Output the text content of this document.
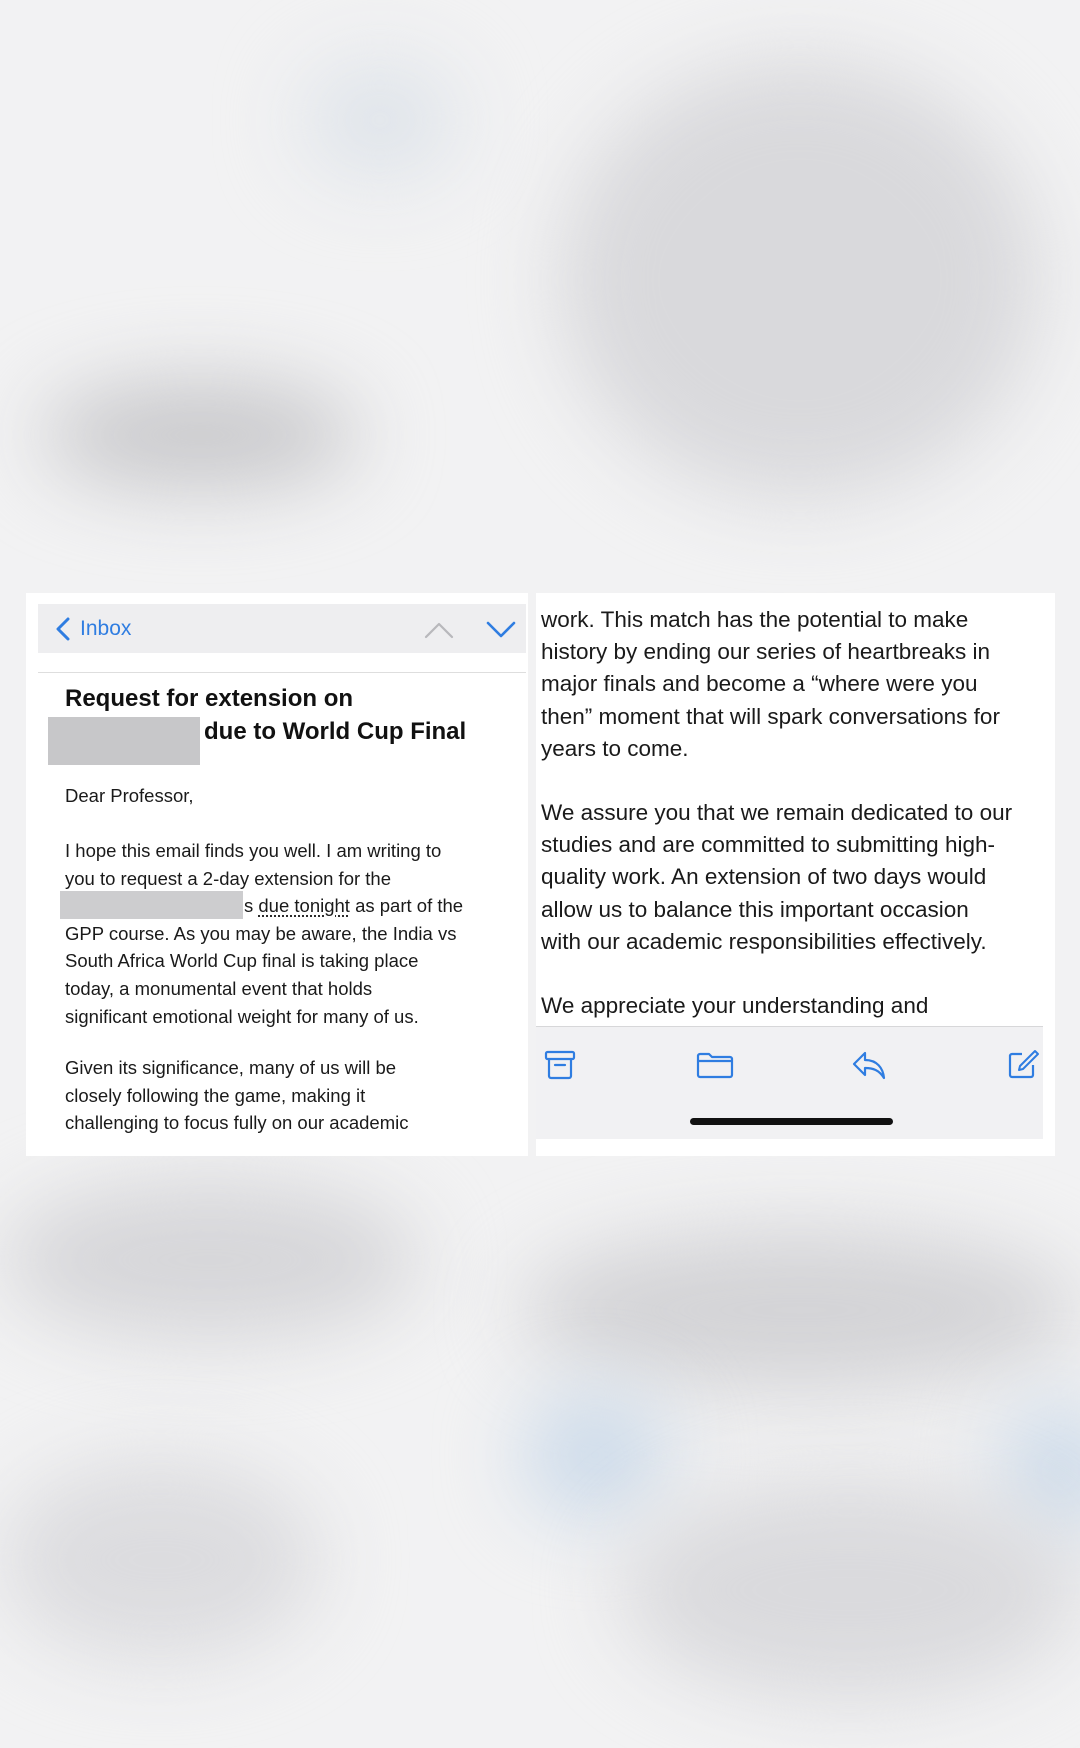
Inbox
Request for extension on
due to World Cup Final
Dear Professor,
I hope this email finds you well. I am writing to
you to request a 2-day extension for the
s due tonight as part of the
GPP course. As you may be aware, the India vs
South Africa World Cup final is taking place
today, a monumental event that holds
significant emotional weight for many of us.
Given its significance, many of us will be
closely following the game, making it
challenging to focus fully on our academic
work. This match has the potential to make
history by ending our series of heartbreaks in
major finals and become a “where were you
then” moment that will spark conversations for
years to come.
We assure you that we remain dedicated to our
studies and are committed to submitting high-
quality work. An extension of two days would
allow us to balance this important occasion
with our academic responsibilities effectively.
We appreciate your understanding and
